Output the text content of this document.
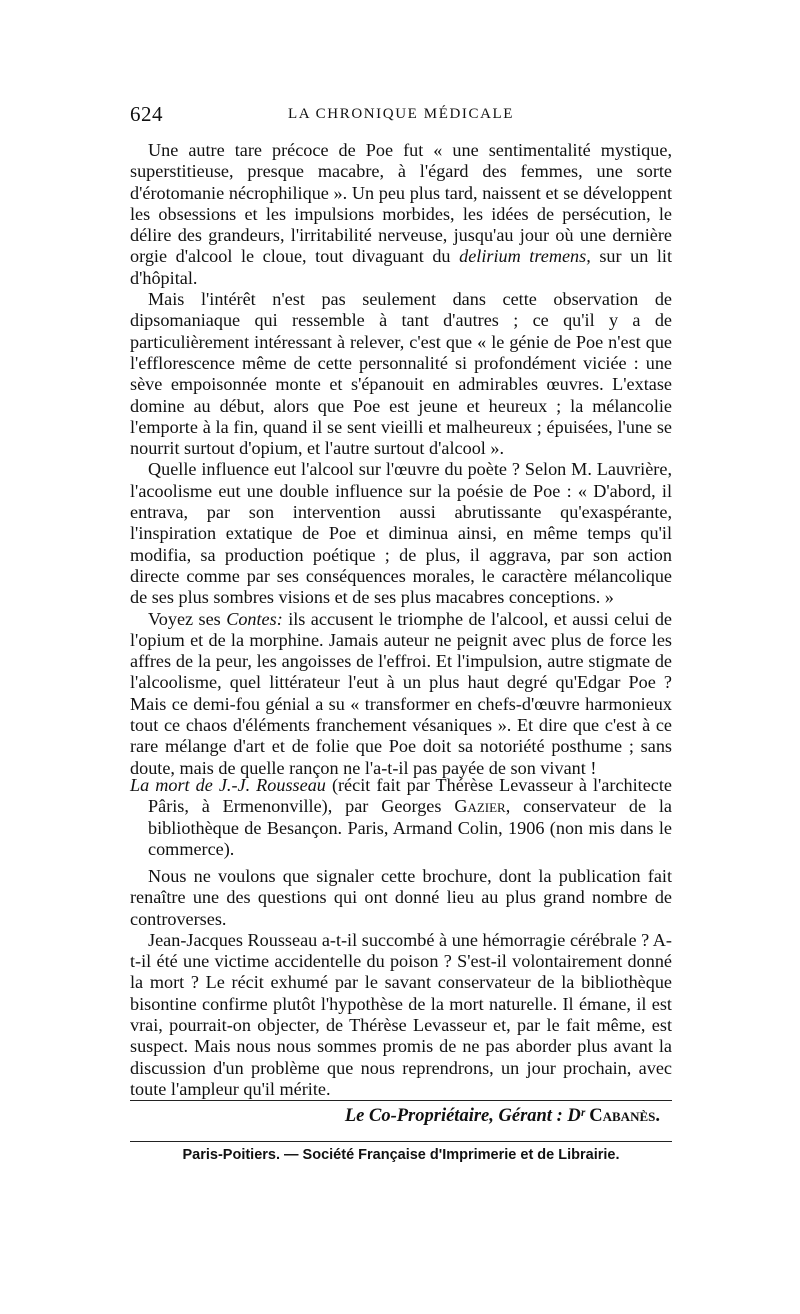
624	LA CHRONIQUE MÉDICALE

Une autre tare précoce de Poe fut « une sentimentalité mystique, superstitieuse, presque macabre, à l'égard des femmes, une sorte d'érotomanie nécrophilique ». Un peu plus tard, naissent et se développent les obsessions et les impulsions morbides, les idées de persécution, le délire des grandeurs, l'irritabilité nerveuse, jusqu'au jour où une dernière orgie d'alcool le cloue, tout divaguant du delirium tremens, sur un lit d'hôpital.

Mais l'intérêt n'est pas seulement dans cette observation de dipsomaniaque qui ressemble à tant d'autres ; ce qu'il y a de particulièrement intéressant à relever, c'est que « le génie de Poe n'est que l'efflorescence même de cette personnalité si profondément viciée : une sève empoisonnée monte et s'épanouit en admirables œuvres. L'extase domine au début, alors que Poe est jeune et heureux ; la mélancolie l'emporte à la fin, quand il se sent vieilli et malheureux ; épuisées, l'une se nourrit surtout d'opium, et l'autre surtout d'alcool ».

Quelle influence eut l'alcool sur l'œuvre du poète ? Selon M. Lauvrière, l'acoolisme eut une double influence sur la poésie de Poe : « D'abord, il entrava, par son intervention aussi abrutissante qu'exaspérante, l'inspiration extatique de Poe et diminua ainsi, en même temps qu'il modifia, sa production poétique ; de plus, il aggrava, par son action directe comme par ses conséquences morales, le caractère mélancolique de ses plus sombres visions et de ses plus macabres conceptions. »

Voyez ses Contes: ils accusent le triomphe de l'alcool, et aussi celui de l'opium et de la morphine. Jamais auteur ne peignit avec plus de force les affres de la peur, les angoisses de l'effroi. Et l'impulsion, autre stigmate de l'alcoolisme, quel littérateur l'eut à un plus haut degré qu'Edgar Poe ? Mais ce demi-fou génial a su « transformer en chefs-d'œuvre harmonieux tout ce chaos d'éléments franchement vésaniques ». Et dire que c'est à ce rare mélange d'art et de folie que Poe doit sa notoriété posthume ; sans doute, mais de quelle rançon ne l'a-t-il pas payée de son vivant !

La mort de J.-J. Rousseau (récit fait par Thérèse Levasseur à l'architecte Pâris, à Ermenonville), par Georges Gazier, conservateur de la bibliothèque de Besançon. Paris, Armand Colin, 1906 (non mis dans le commerce).

Nous ne voulons que signaler cette brochure, dont la publication fait renaître une des questions qui ont donné lieu au plus grand nombre de controverses.

Jean-Jacques Rousseau a-t-il succombé à une hémorragie cérébrale ? A-t-il été une victime accidentelle du poison ? S'est-il volontairement donné la mort ? Le récit exhumé par le savant conservateur de la bibliothèque bisontine confirme plutôt l'hypothèse de la mort naturelle. Il émane, il est vrai, pourrait-on objecter, de Thérèse Levasseur et, par le fait même, est suspect. Mais nous nous sommes promis de ne pas aborder plus avant la discussion d'un problème que nous reprendrons, un jour prochain, avec toute l'ampleur qu'il mérite.

Le Co-Propriétaire, Gérant : Dʳ Cabanès.
Paris-Poitiers. — Société Française d'Imprimerie et de Librairie.
